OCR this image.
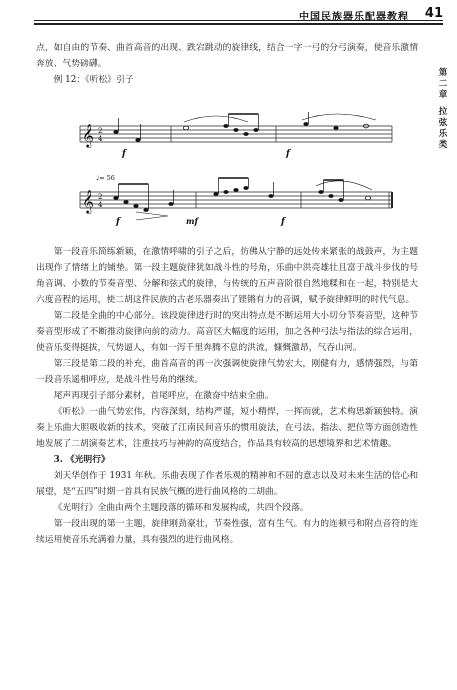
中国民族器乐配器教程 41
第二章
拉弦乐类

点，如自由的节奏、曲首高音的出现、跌宕跳动的旋律线，结合一字一弓的分弓演奏，使音乐激情奔放、气势磅礴。

例 12：《听松》引子

𝄞 2
4
f	f
♩= 56
𝄞 2
4
f	mf	f

第一段音乐简练新颖，在激情呼啸的引子之后，仿佛从宁静的远处传来紧张的战鼓声，为主题出现作了情绪上的铺垫。第一段主题旋律犹如战斗性的号角，乐曲中洪亮雄壮且富于战斗步伐的号角音调、小数的节奏音型、分解和弦式的旋律，与传统的五声音阶很自然地糅和在一起，特别是大六度音程的运用，使二胡这件民族的古老乐器奏出了铿锵有力的音调，赋予旋律鲜明的时代气息。

第二段是全曲的中心部分。该段旋律进行时的突出特点是不断运用大小切分节奏音型，这种节奏音型形成了不断推动旋律向前的动力。高音区大幅度的运用，加之各种弓法与指法的综合运用，使音乐变得挺拔，气势逼人，有如一泻千里奔腾不息的洪流，慷慨激昂，气吞山河。

第三段是第二段的补充，曲首高音的再一次强调使旋律气势宏大，刚健有力，感情强烈，与第一段音乐遥相呼应，是战斗性号角的继续。

尾声再现引子部分素材，首尾呼应，在激奋中结束全曲。

《听松》一曲气势宏伟，内容深刻，结构严谨，短小精悍，一挥而就，艺术构思新颖独特。演奏上乐曲大胆吸收新的技术，突破了江南民间音乐的惯用旋法，在弓法、指法、把位等方面创造性地发展了二胡演奏艺术，注重技巧与神韵的高度结合，作品具有较高的思想境界和艺术情趣。

3. 《光明行》

刘天华创作于 1931 年秋。乐曲表现了作者乐观的精神和不屈的意志以及对未来生活的信心和展望，是“五四”时期一首具有民族气概的进行曲风格的二胡曲。

《光明行》全曲由两个主题段落的循环和发展构成，共四个段落。

第一段出现的第一主题，旋律刚劲豪壮，节奏性强，富有生气。有力的连顿弓和附点音符的连续运用使音乐充满着力量，具有强烈的进行曲风格。
